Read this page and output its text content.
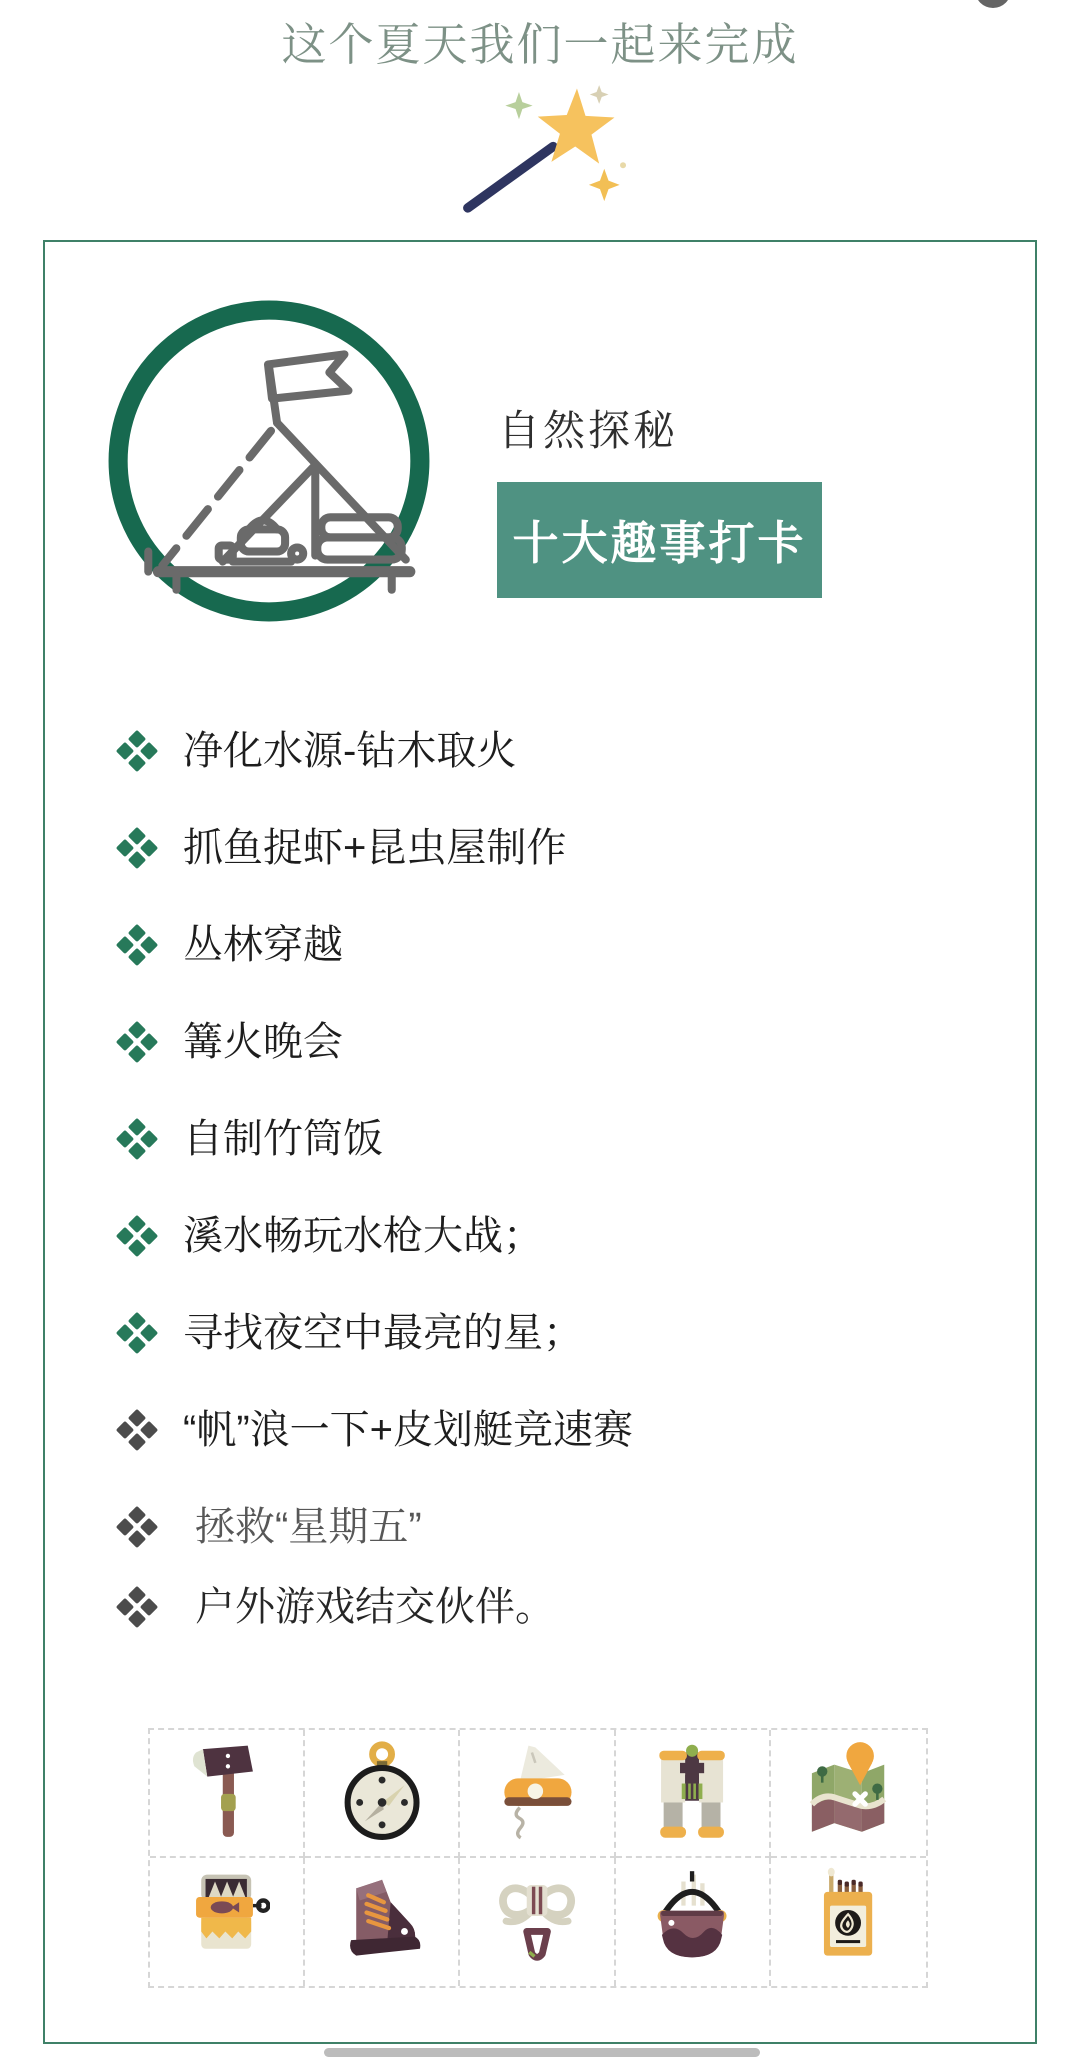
这个夏天我们一起来完成
自然探秘
十大趣事打卡
净化水源-钻木取火
抓鱼捉虾+昆虫屋制作
丛林穿越
篝火晚会
自制竹筒饭
溪水畅玩水枪大战；
寻找夜空中最亮的星；
“帆”浪一下+皮划艇竞速赛
拯救“星期五”
户外游戏结交伙伴。
